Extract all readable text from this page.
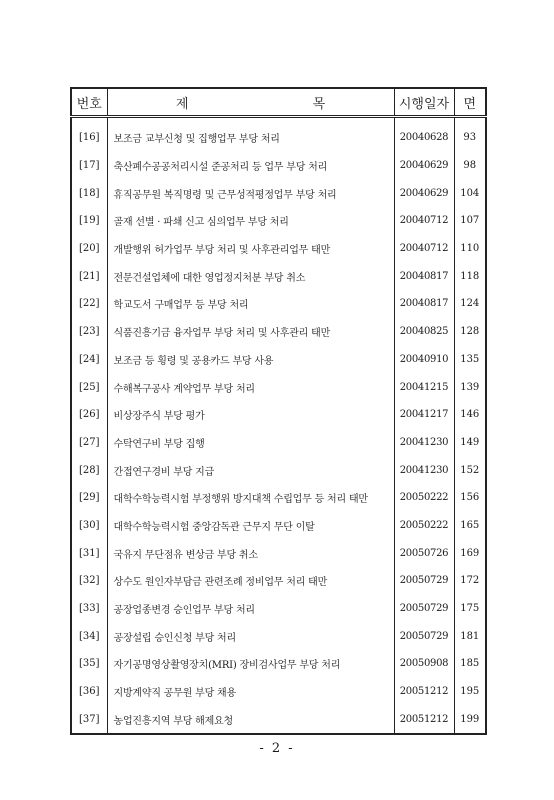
번호	제 목	시행일자	면

[16]	보조금 교부신청 및 집행업무 부당 처리	20040628	93
[17]	축산폐수공공처리시설 준공처리 등 업무 부당 처리	20040629	98
[18]	휴직공무원 복직명령 및 근무성적평정업무 부당 처리	20040629	104
[19]	골재 선별 · 파쇄 신고 심의업무 부당 처리	20040712	107
[20]	개발행위 허가업무 부당 처리 및 사후관리업무 태만	20040712	110
[21]	전문건설업체에 대한 영업정지처분 부당 취소	20040817	118
[22]	학교도서 구매업무 등 부당 처리	20040817	124
[23]	식품진흥기금 융자업무 부당 처리 및 사후관리 태만	20040825	128
[24]	보조금 등 횡령 및 공용카드 부당 사용	20040910	135
[25]	수해복구공사 계약업무 부당 처리	20041215	139
[26]	비상장주식 부당 평가	20041217	146
[27]	수탁연구비 부당 집행	20041230	149
[28]	간접연구경비 부당 지급	20041230	152
[29]	대학수학능력시험 부정행위 방지대책 수립업무 등 처리 태만	20050222	156
[30]	대학수학능력시험 중앙감독관 근무지 무단 이탈	20050222	165
[31]	국유지 무단점유 변상금 부당 취소	20050726	169
[32]	상수도 원인자부담금 관련조례 정비업무 처리 태만	20050729	172
[33]	공장업종변경 승인업무 부당 처리	20050729	175
[34]	공장설립 승인신청 부당 처리	20050729	181
[35]	자기공명영상촬영장치(MRI) 장비검사업무 부당 처리	20050908	185
[36]	지방계약직 공무원 부당 채용	20051212	195
[37]	농업진흥지역 부당 해제요청	20051212	199
- 2 -
